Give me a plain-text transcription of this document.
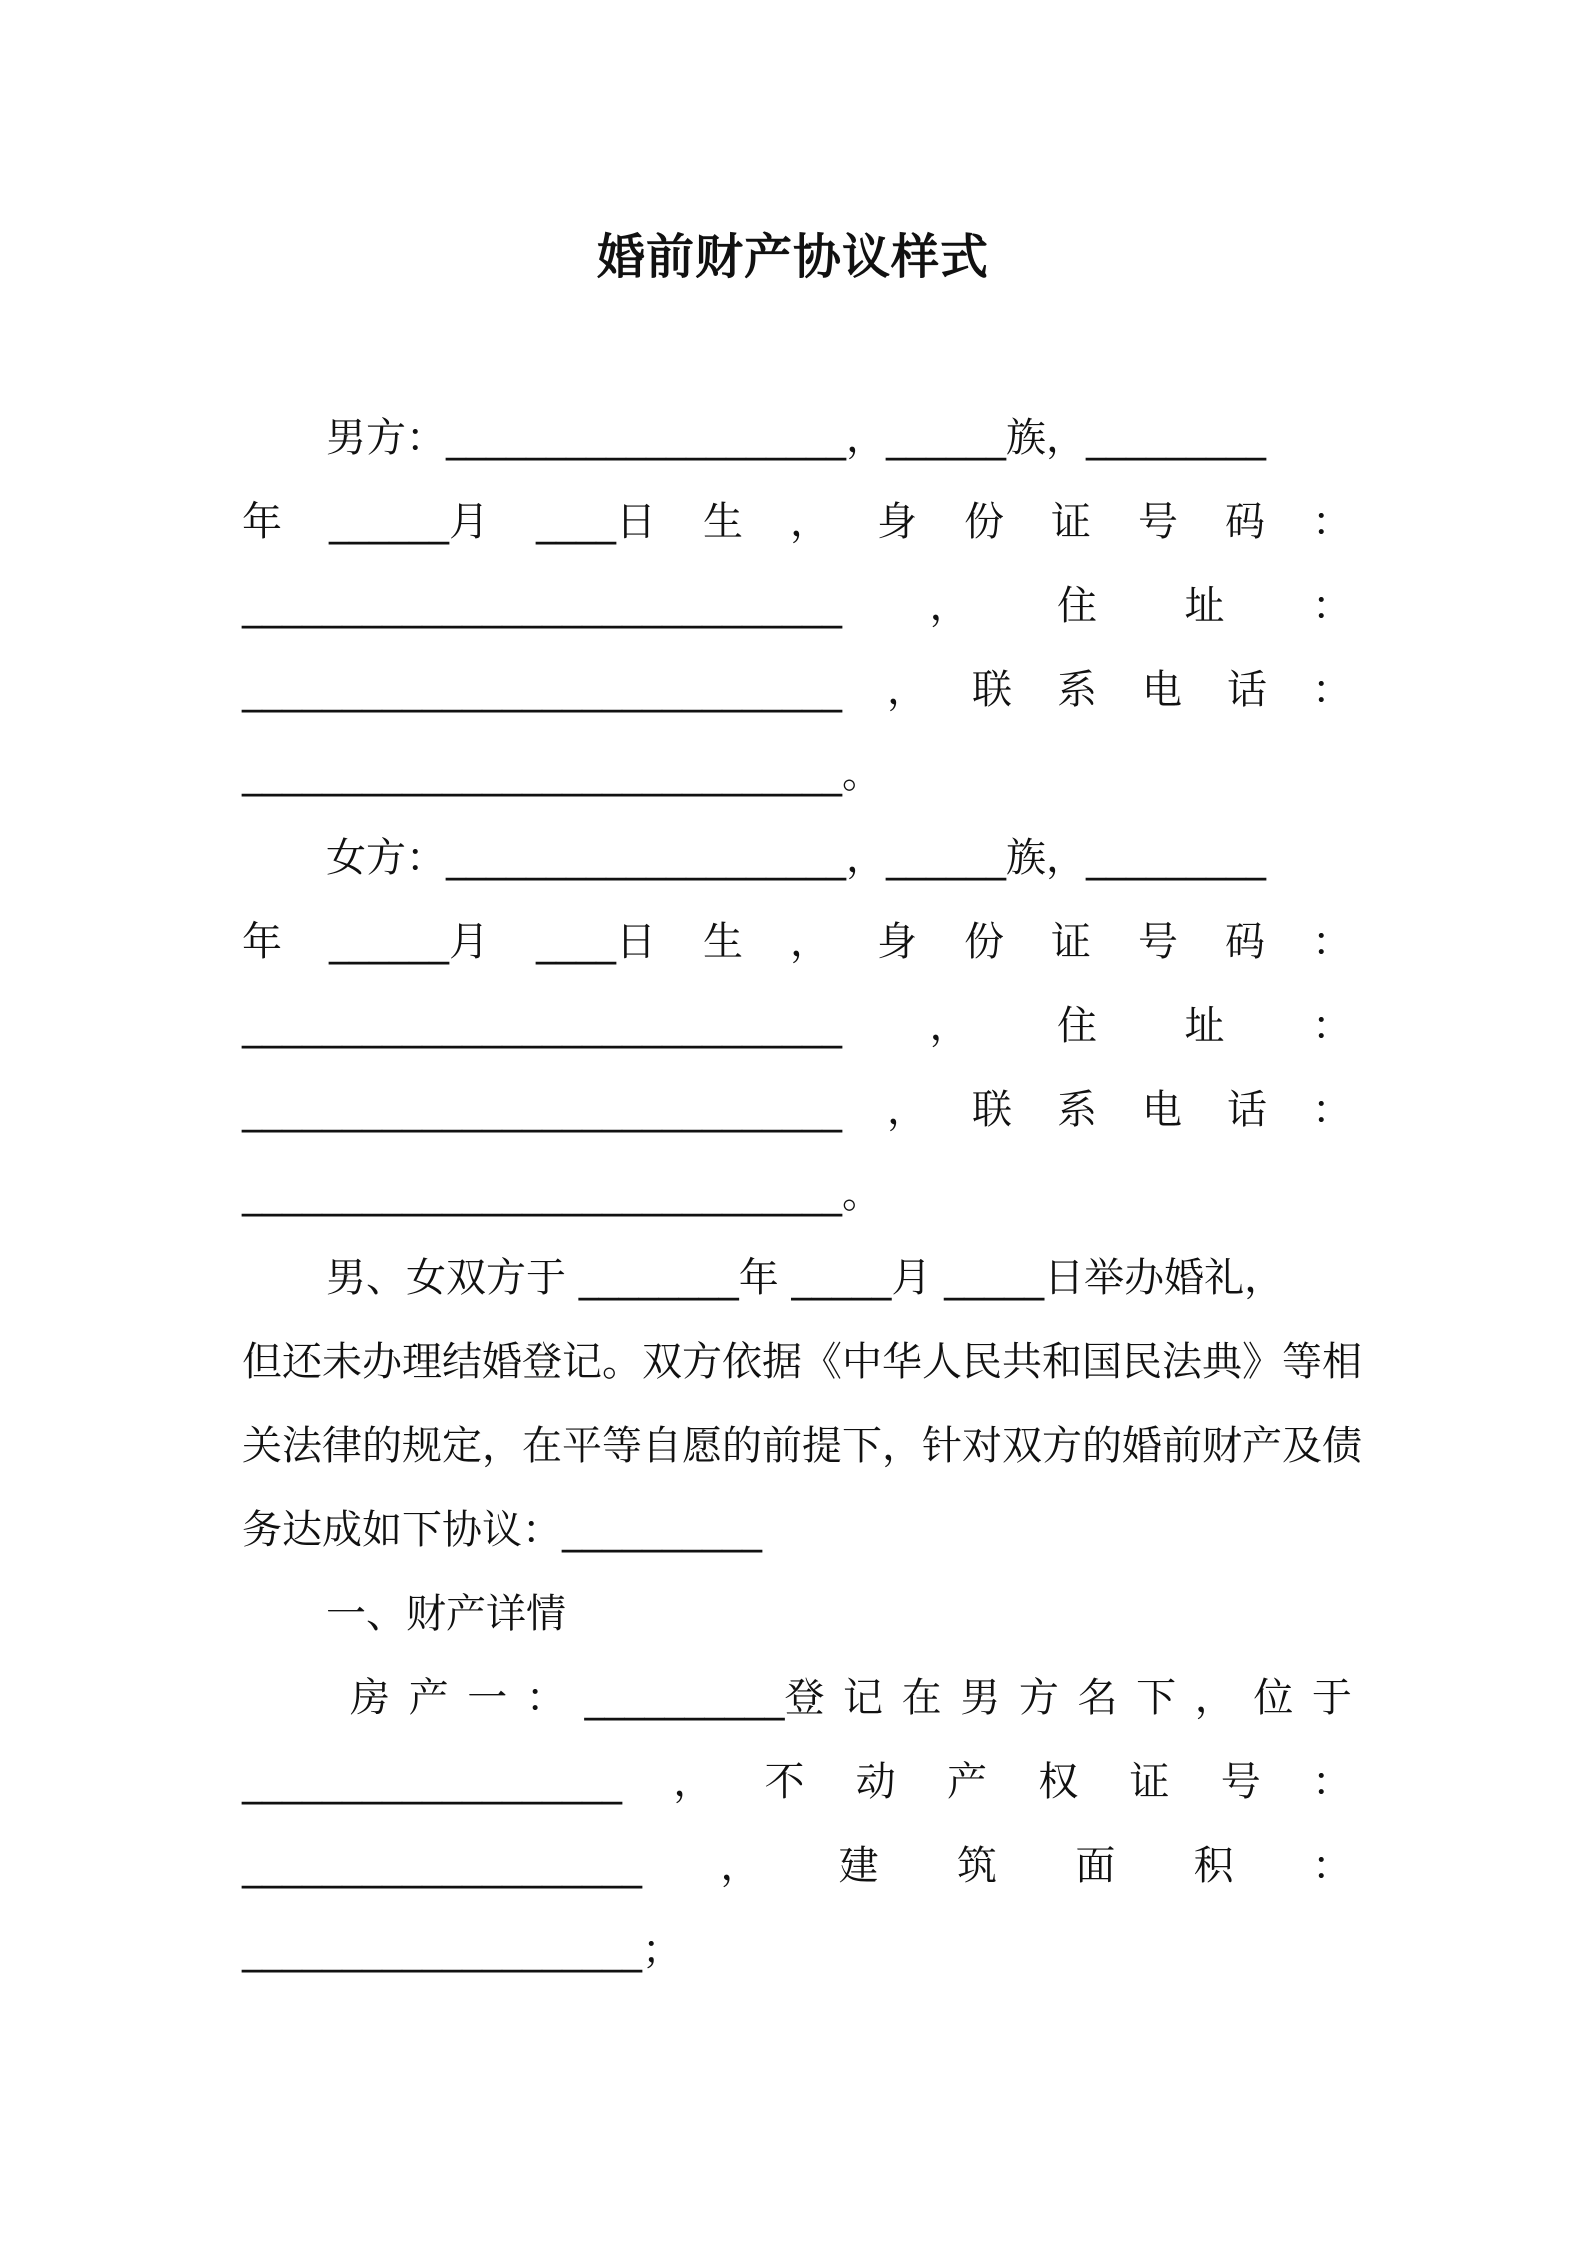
婚前财产协议样式
男方：____________________，______族，_________
年 ______月 ____日 生 ， 身 份 证 号 码 ：
______________________________ ， 住 址 ：
______________________________ ， 联 系 电 话 ：
______________________________。
女方：____________________，______族，_________
年 ______月 ____日 生 ， 身 份 证 号 码 ：
______________________________ ， 住 址 ：
______________________________ ， 联 系 电 话 ：
______________________________。
男、女双方于 ________年 _____月 _____日举办婚礼，
但还未办理结婚登记。双方依据《中华人民共和国民法典》等相
关法律的规定，在平等自愿的前提下，针对双方的婚前财产及债
务达成如下协议：__________
一、财产详情
房 产 一 ： __________登 记 在 男 方 名 下 ， 位 于
___________________ ， 不 动 产 权 证 号 ：
____________________ ， 建 筑 面 积 ：
____________________；
